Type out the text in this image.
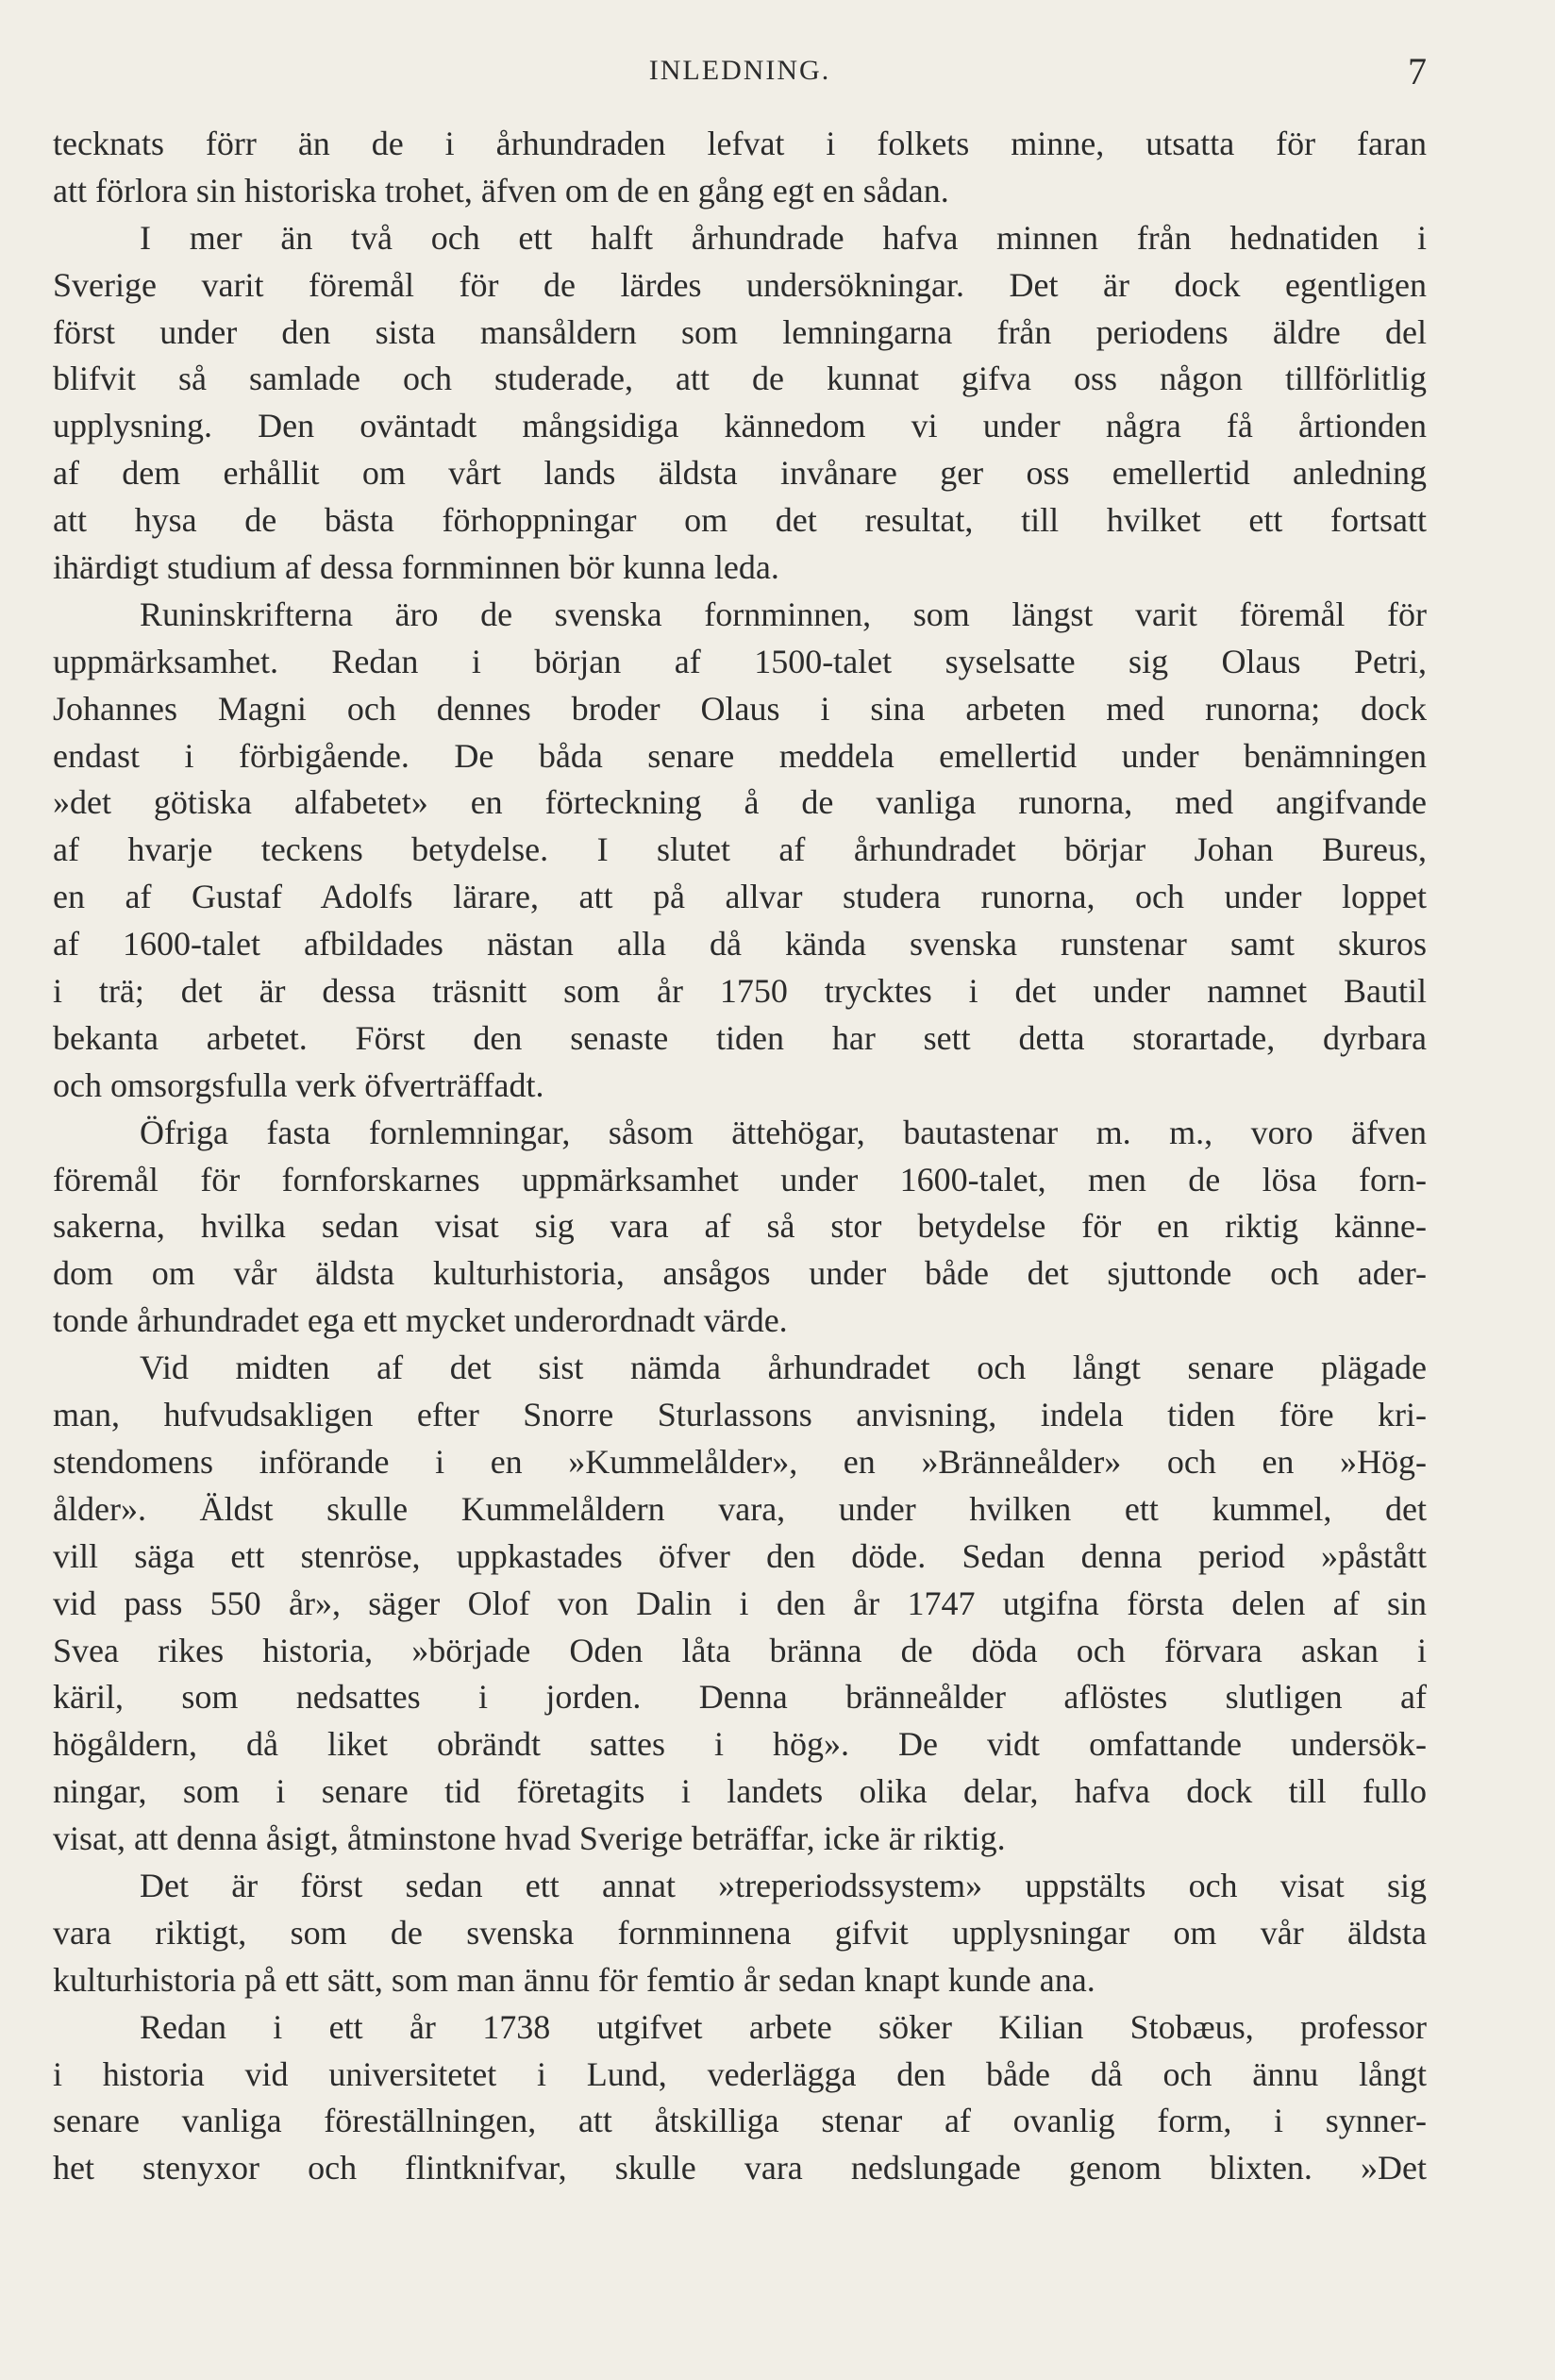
INLEDNING.	7
tecknats förr än de i århundraden lefvat i folkets minne, utsatta för faran
att förlora sin historiska trohet, äfven om de en gång egt en sådan.
I mer än två och ett halft århundrade hafva minnen från hednatiden i
Sverige varit föremål för de lärdes undersökningar. Det är dock egentligen
först under den sista mansåldern som lemningarna från periodens äldre del
blifvit så samlade och studerade, att de kunnat gifva oss någon tillförlitlig
upplysning. Den oväntadt mångsidiga kännedom vi under några få årtionden
af dem erhållit om vårt lands äldsta invånare ger oss emellertid anledning
att hysa de bästa förhoppningar om det resultat, till hvilket ett fortsatt
ihärdigt studium af dessa fornminnen bör kunna leda.
Runinskrifterna äro de svenska fornminnen, som längst varit föremål för
uppmärksamhet. Redan i början af 1500-talet syselsatte sig Olaus Petri,
Johannes Magni och dennes broder Olaus i sina arbeten med runorna; dock
endast i förbigående. De båda senare meddela emellertid under benämningen
»det götiska alfabetet» en förteckning å de vanliga runorna, med angifvande
af hvarje teckens betydelse. I slutet af århundradet börjar Johan Bureus,
en af Gustaf Adolfs lärare, att på allvar studera runorna, och under loppet
af 1600-talet afbildades nästan alla då kända svenska runstenar samt skuros
i trä; det är dessa träsnitt som år 1750 trycktes i det under namnet Bautil
bekanta arbetet. Först den senaste tiden har sett detta storartade, dyrbara
och omsorgsfulla verk öfverträffadt.
Öfriga fasta fornlemningar, såsom ättehögar, bautastenar m. m., voro äfven
föremål för fornforskarnes uppmärksamhet under 1600-talet, men de lösa forn-
sakerna, hvilka sedan visat sig vara af så stor betydelse för en riktig känne-
dom om vår äldsta kulturhistoria, ansågos under både det sjuttonde och ader-
tonde århundradet ega ett mycket underordnadt värde.
Vid midten af det sist nämda århundradet och långt senare plägade
man, hufvudsakligen efter Snorre Sturlassons anvisning, indela tiden före kri-
stendomens införande i en »Kummelålder», en »Bränneålder» och en »Hög-
ålder». Äldst skulle Kummelåldern vara, under hvilken ett kummel, det
vill säga ett stenröse, uppkastades öfver den döde. Sedan denna period »påstått
vid pass 550 år», säger Olof von Dalin i den år 1747 utgifna första delen af sin
Svea rikes historia, »började Oden låta bränna de döda och förvara askan i
käril, som nedsattes i jorden. Denna bränneålder aflöstes slutligen af
högåldern, då liket obrändt sattes i hög». De vidt omfattande undersök-
ningar, som i senare tid företagits i landets olika delar, hafva dock till fullo
visat, att denna åsigt, åtminstone hvad Sverige beträffar, icke är riktig.
Det är först sedan ett annat »treperiodssystem» uppstälts och visat sig
vara riktigt, som de svenska fornminnena gifvit upplysningar om vår äldsta
kulturhistoria på ett sätt, som man ännu för femtio år sedan knapt kunde ana.
Redan i ett år 1738 utgifvet arbete söker Kilian Stobæus, professor
i historia vid universitetet i Lund, vederlägga den både då och ännu långt
senare vanliga föreställningen, att åtskilliga stenar af ovanlig form, i synner-
het stenyxor och flintknifvar, skulle vara nedslungade genom blixten. »Det
